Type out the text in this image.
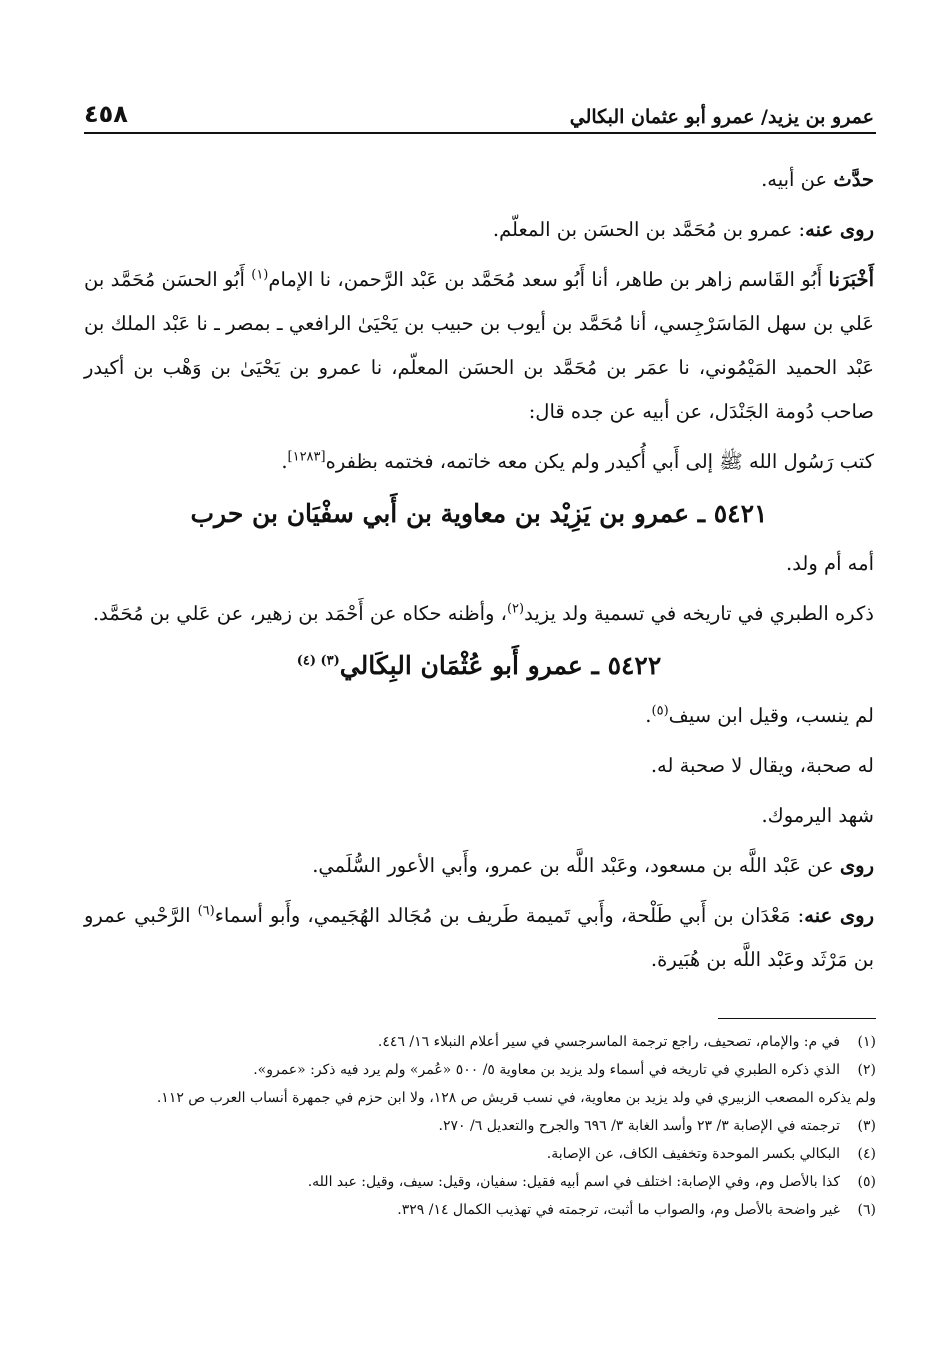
عمرو بن يزيد/ عمرو أبو عثمان البكالي
٤٥٨

حدَّث عن أبيه.

روى عنه: عمرو بن مُحَمَّد بن الحسَن بن المعلّم.

أَخْبَرَنا أَبُو القَاسم زاهر بن طاهر، أنا أَبُو سعد مُحَمَّد بن عَبْد الرَّحمن، نا الإمام$^{(١)}$ أَبُو الحسَن مُحَمَّد بن عَلي بن سهل المَاسَرْجِسي، أنا مُحَمَّد بن أيوب بن حبيب بن يَحْيَىٰ الرافعي ـ بمصر ـ نا عَبْد الملك بن عَبْد الحميد المَيْمُوني، نا عمَر بن مُحَمَّد بن الحسَن المعلّم، نا عمرو بن يَحْيَىٰ بن وَهْب بن أكيدر صاحب دُومة الجَنْدَل، عن أبيه عن جده قال:

كتب رَسُول الله ﷺ إلى أَبي أُكيدر ولم يكن معه خاتمه، فختمه بظفره[١٢٨٣].

٥٤٢١ ـ عمرو بن يَزِيْد بن معاوية بن أَبي سفْيَان بن حرب

أمه أم ولد.

ذكره الطبري في تاريخه في تسمية ولد يزيد$^{(٢)}$، وأظنه حكاه عن أَحْمَد بن زهير، عن عَلي بن مُحَمَّد.

٥٤٢٢ ـ عمرو أَبو عُثْمَان البِكَالي$^{(٣) (٤)}$

لم ينسب، وقيل ابن سيف$^{(٥)}$.

له صحبة، ويقال لا صحبة له.

شهد اليرموك.

روى عن عَبْد اللَّه بن مسعود، وعَبْد اللَّه بن عمرو، وأَبي الأعور السُّلَمي.

روى عنه: مَعْدَان بن أَبي طَلْحة، وأَبي تَميمة طَريف بن مُجَالد الهُجَيمي، وأَبو أسماء$^{(٦)}$ الرَّحْبي عمرو بن مَرْثَد وعَبْد اللَّه بن هُبَيرة.

(١)
في م: والإمام، تصحيف، راجع ترجمة الماسرجسي في سير أعلام النبلاء ١٦/ ٤٤٦.
(٢)
الذي ذكره الطبري في تاريخه في أسماء ولد يزيد بن معاوية ٥/ ٥٠٠ «عُمر» ولم يرد فيه ذكر: «عمرو».
ولم يذكره المصعب الزبيري في ولد يزيد بن معاوية، في نسب قريش ص ١٢٨، ولا ابن حزم في جمهرة أنساب العرب ص ١١٢.
(٣)
ترجمته في الإصابة ٣/ ٢٣ وأسد الغابة ٣/ ٦٩٦ والجرح والتعديل ٦/ ٢٧٠.
(٤)
البكالي بكسر الموحدة وتخفيف الكاف، عن الإصابة.
(٥)
كذا بالأصل وم، وفي الإصابة: اختلف في اسم أبيه فقيل: سفيان، وقيل: سيف، وقيل: عبد الله.
(٦)
غير واضحة بالأصل وم، والصواب ما أثبت، ترجمته في تهذيب الكمال ١٤/ ٣٢٩.
